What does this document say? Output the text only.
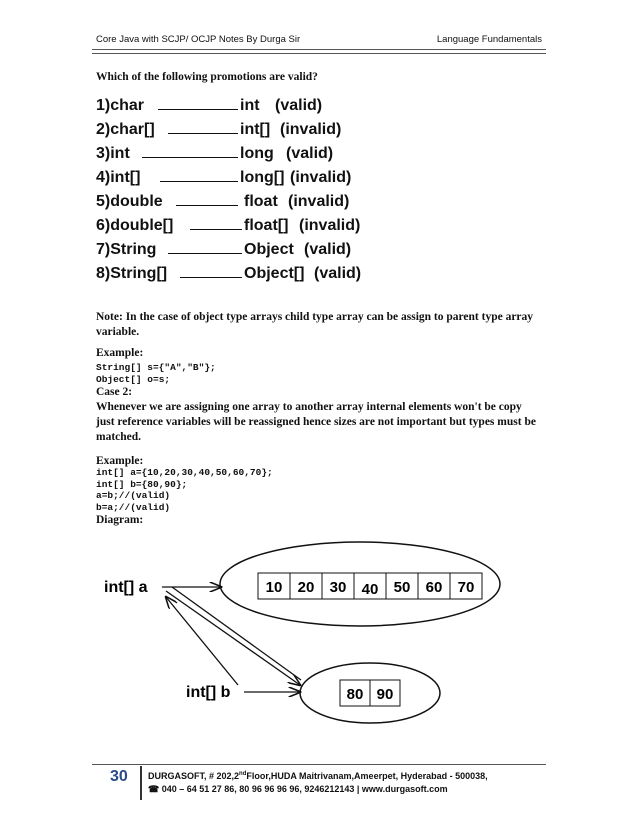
Core Java with SCJP/ OCJP Notes By Durga Sir	Language Fundamentals
Which of the following promotions are valid?
1)char	int (valid)
2)char[]	int[] (invalid)
3)int	long (valid)
4)int[]	long[] (invalid)
5)double	float (invalid)
6)double[]	float[] (invalid)
7)String	Object (valid)
8)String[]	Object[] (valid)
Note: In the case of object type arrays child type array can be assign to parent type array variable.
Example:
String[] s={"A","B"};
Object[] o=s;
Case 2:
Whenever we are assigning one array to another array internal elements won't be copy just reference variables will be reassigned hence sizes are not important but types must be matched.
Example:
int[] a={10,20,30,40,50,60,70};
int[] b={80,90};
a=b;//(valid)
b=a;//(valid)
Diagram:
int[] a
int[] b
10 20 30 40 50 60 70
80 90
30 DURGASOFT, # 202,2ndFloor,HUDA Maitrivanam,Ameerpet, Hyderabad - 500038,
☎ 040 – 64 51 27 86, 80 96 96 96 96, 9246212143 | www.durgasoft.com
